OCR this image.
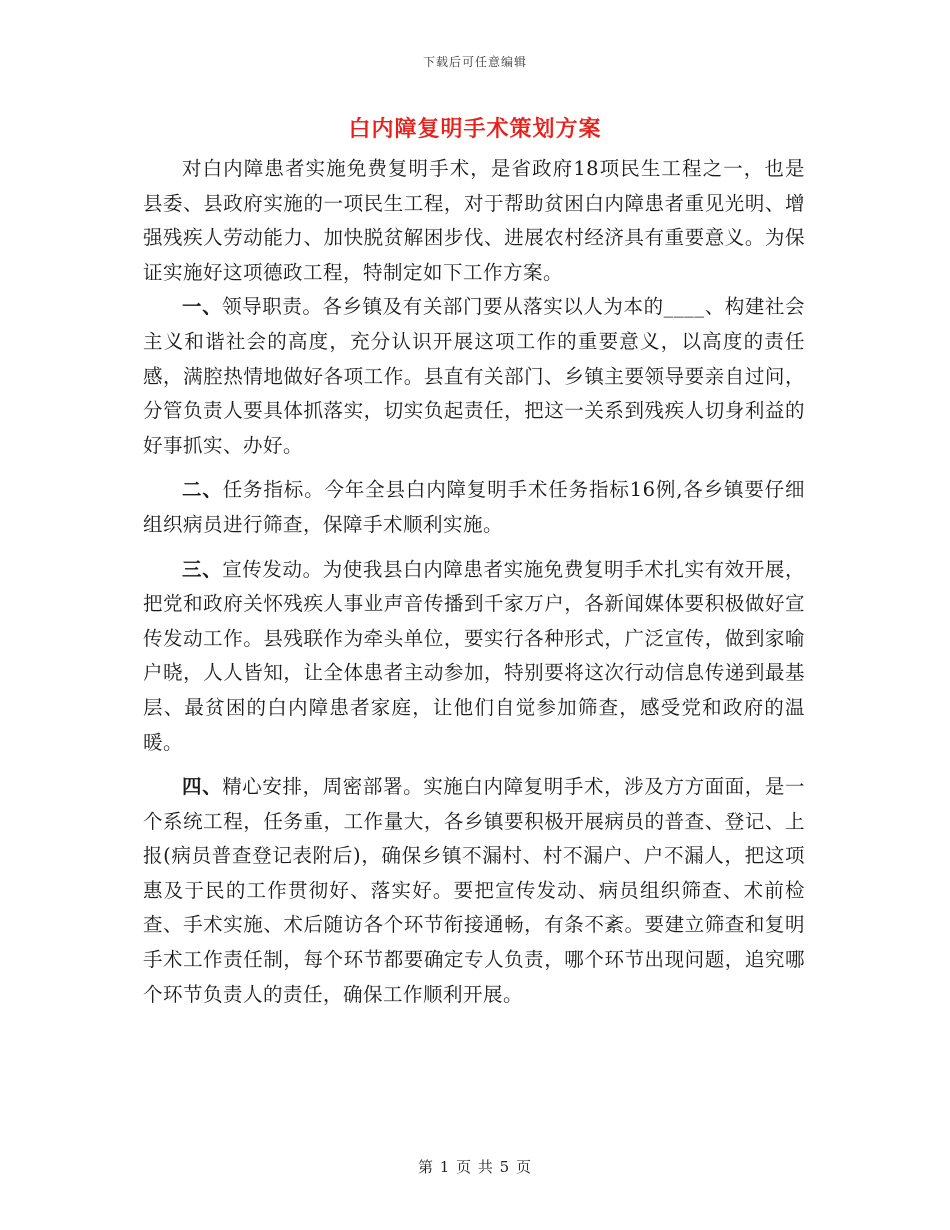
下载后可任意编辑
白内障复明手术策划方案

对白内障患者实施免费复明手术，是省政府18项民生工程之一，也是县委、县政府实施的一项民生工程，对于帮助贫困白内障患者重见光明、增强残疾人劳动能力、加快脱贫解困步伐、进展农村经济具有重要意义。为保证实施好这项德政工程，特制定如下工作方案。

一、领导职责。各乡镇及有关部门要从落实以人为本的____、构建社会主义和谐社会的高度，充分认识开展这项工作的重要意义，以高度的责任感，满腔热情地做好各项工作。县直有关部门、乡镇主要领导要亲自过问，分管负责人要具体抓落实，切实负起责任，把这一关系到残疾人切身利益的好事抓实、办好。

二、任务指标。今年全县白内障复明手术任务指标16例,各乡镇要仔细组织病员进行筛查，保障手术顺利实施。

三、宣传发动。为使我县白内障患者实施免费复明手术扎实有效开展，把党和政府关怀残疾人事业声音传播到千家万户，各新闻媒体要积极做好宣传发动工作。县残联作为牵头单位，要实行各种形式，广泛宣传，做到家喻户晓，人人皆知，让全体患者主动参加，特别要将这次行动信息传递到最基层、最贫困的白内障患者家庭，让他们自觉参加筛查，感受党和政府的温暖。

四、精心安排，周密部署。实施白内障复明手术，涉及方方面面，是一个系统工程，任务重，工作量大，各乡镇要积极开展病员的普查、登记、上报(病员普查登记表附后)，确保乡镇不漏村、村不漏户、户不漏人，把这项惠及于民的工作贯彻好、落实好。要把宣传发动、病员组织筛查、术前检查、手术实施、术后随访各个环节衔接通畅，有条不紊。要建立筛查和复明手术工作责任制，每个环节都要确定专人负责，哪个环节出现问题，追究哪个环节负责人的责任，确保工作顺利开展。

第 1 页 共 5 页
